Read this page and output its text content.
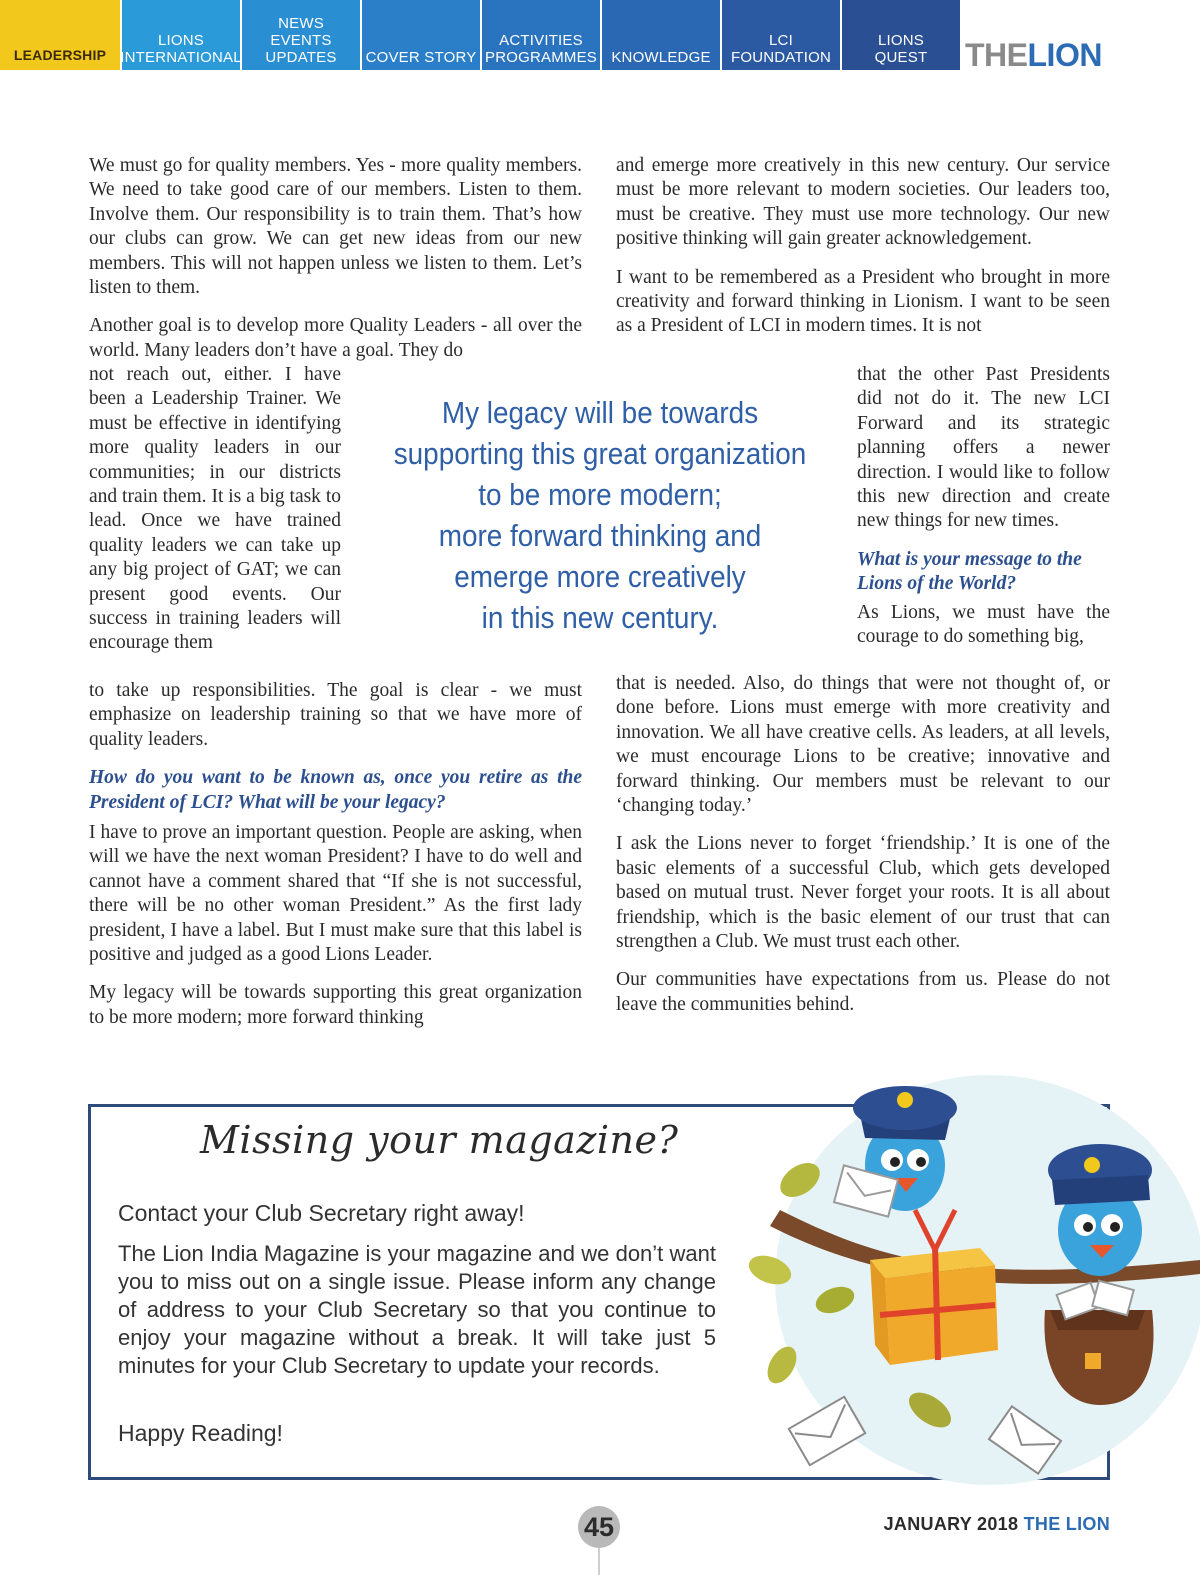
LEADERSHIP
LIONS
INTERNATIONAL
NEWS
EVENTS
UPDATES COVER STORY
ACTIVITIES
PROGRAMMES KNOWLEDGE
LCI
FOUNDATION
LIONS
QUEST THELION

We must go for quality members. Yes - more quality members. We need to take good care of our members. Listen to them. Involve them. Our responsibility is to train them. That’s how our clubs can grow. We can get new ideas from our new members. This will not happen unless we listen to them. Let’s listen to them.

Another goal is to develop more Quality Leaders - all over the world. Many leaders don’t have a goal. They do

not reach out, either. I have been a Leadership Trainer. We must be effective in identifying more quality leaders in our communities; in our districts and train them. It is a big task to lead. Once we have trained quality leaders we can take up any big project of GAT; we can present good events. Our success in training leaders will encourage them

to take up responsibilities. The goal is clear - we must emphasize on leadership training so that we have more of quality leaders.

How do you want to be known as, once you retire as the President of LCI? What will be your legacy?

I have to prove an important question. People are asking, when will we have the next woman President? I have to do well and cannot have a comment shared that “If she is not successful, there will be no other woman President.” As the first lady president, I have a label. But I must make sure that this label is positive and judged as a good Lions Leader.

My legacy will be towards supporting this great organization to be more modern; more forward thinking

and emerge more creatively in this new century. Our service must be more relevant to modern societies. Our leaders too, must be creative. They must use more technology. Our new positive thinking will gain greater acknowledgement.

I want to be remembered as a President who brought in more creativity and forward thinking in Lionism. I want to be seen as a President of LCI in modern times. It is not

that the other Past Presidents did not do it. The new LCI Forward and its strategic planning offers a newer direction. I would like to follow this new direction and create new things for new times.

What is your message to the Lions of the World?

As Lions, we must have the courage to do something big,

that is needed. Also, do things that were not thought of, or done before. Lions must emerge with more creativity and innovation. We all have creative cells. As leaders, at all levels, we must encourage Lions to be creative; innovative and forward thinking. Our members must be relevant to our ‘changing today.’

I ask the Lions never to forget ‘friendship.’ It is one of the basic elements of a successful Club, which gets developed based on mutual trust. Never forget your roots. It is all about friendship, which is the basic element of our trust that can strengthen a Club. We must trust each other.

Our communities have expectations from us. Please do not leave the communities behind.

My legacy will be towards
supporting this great organization
to be more modern;
more forward thinking and
emerge more creatively
in this new century.
Missing your magazine?
Contact your Club Secretary right away!
The Lion India Magazine is your magazine and we don’t want you to miss out on a single issue. Please inform any change of address to your Club Secretary so that you continue to enjoy your magazine without a break. It will take just 5 minutes for your Club Secretary to update your records.
Happy Reading!
45	JANUARY 2018 THE LION
